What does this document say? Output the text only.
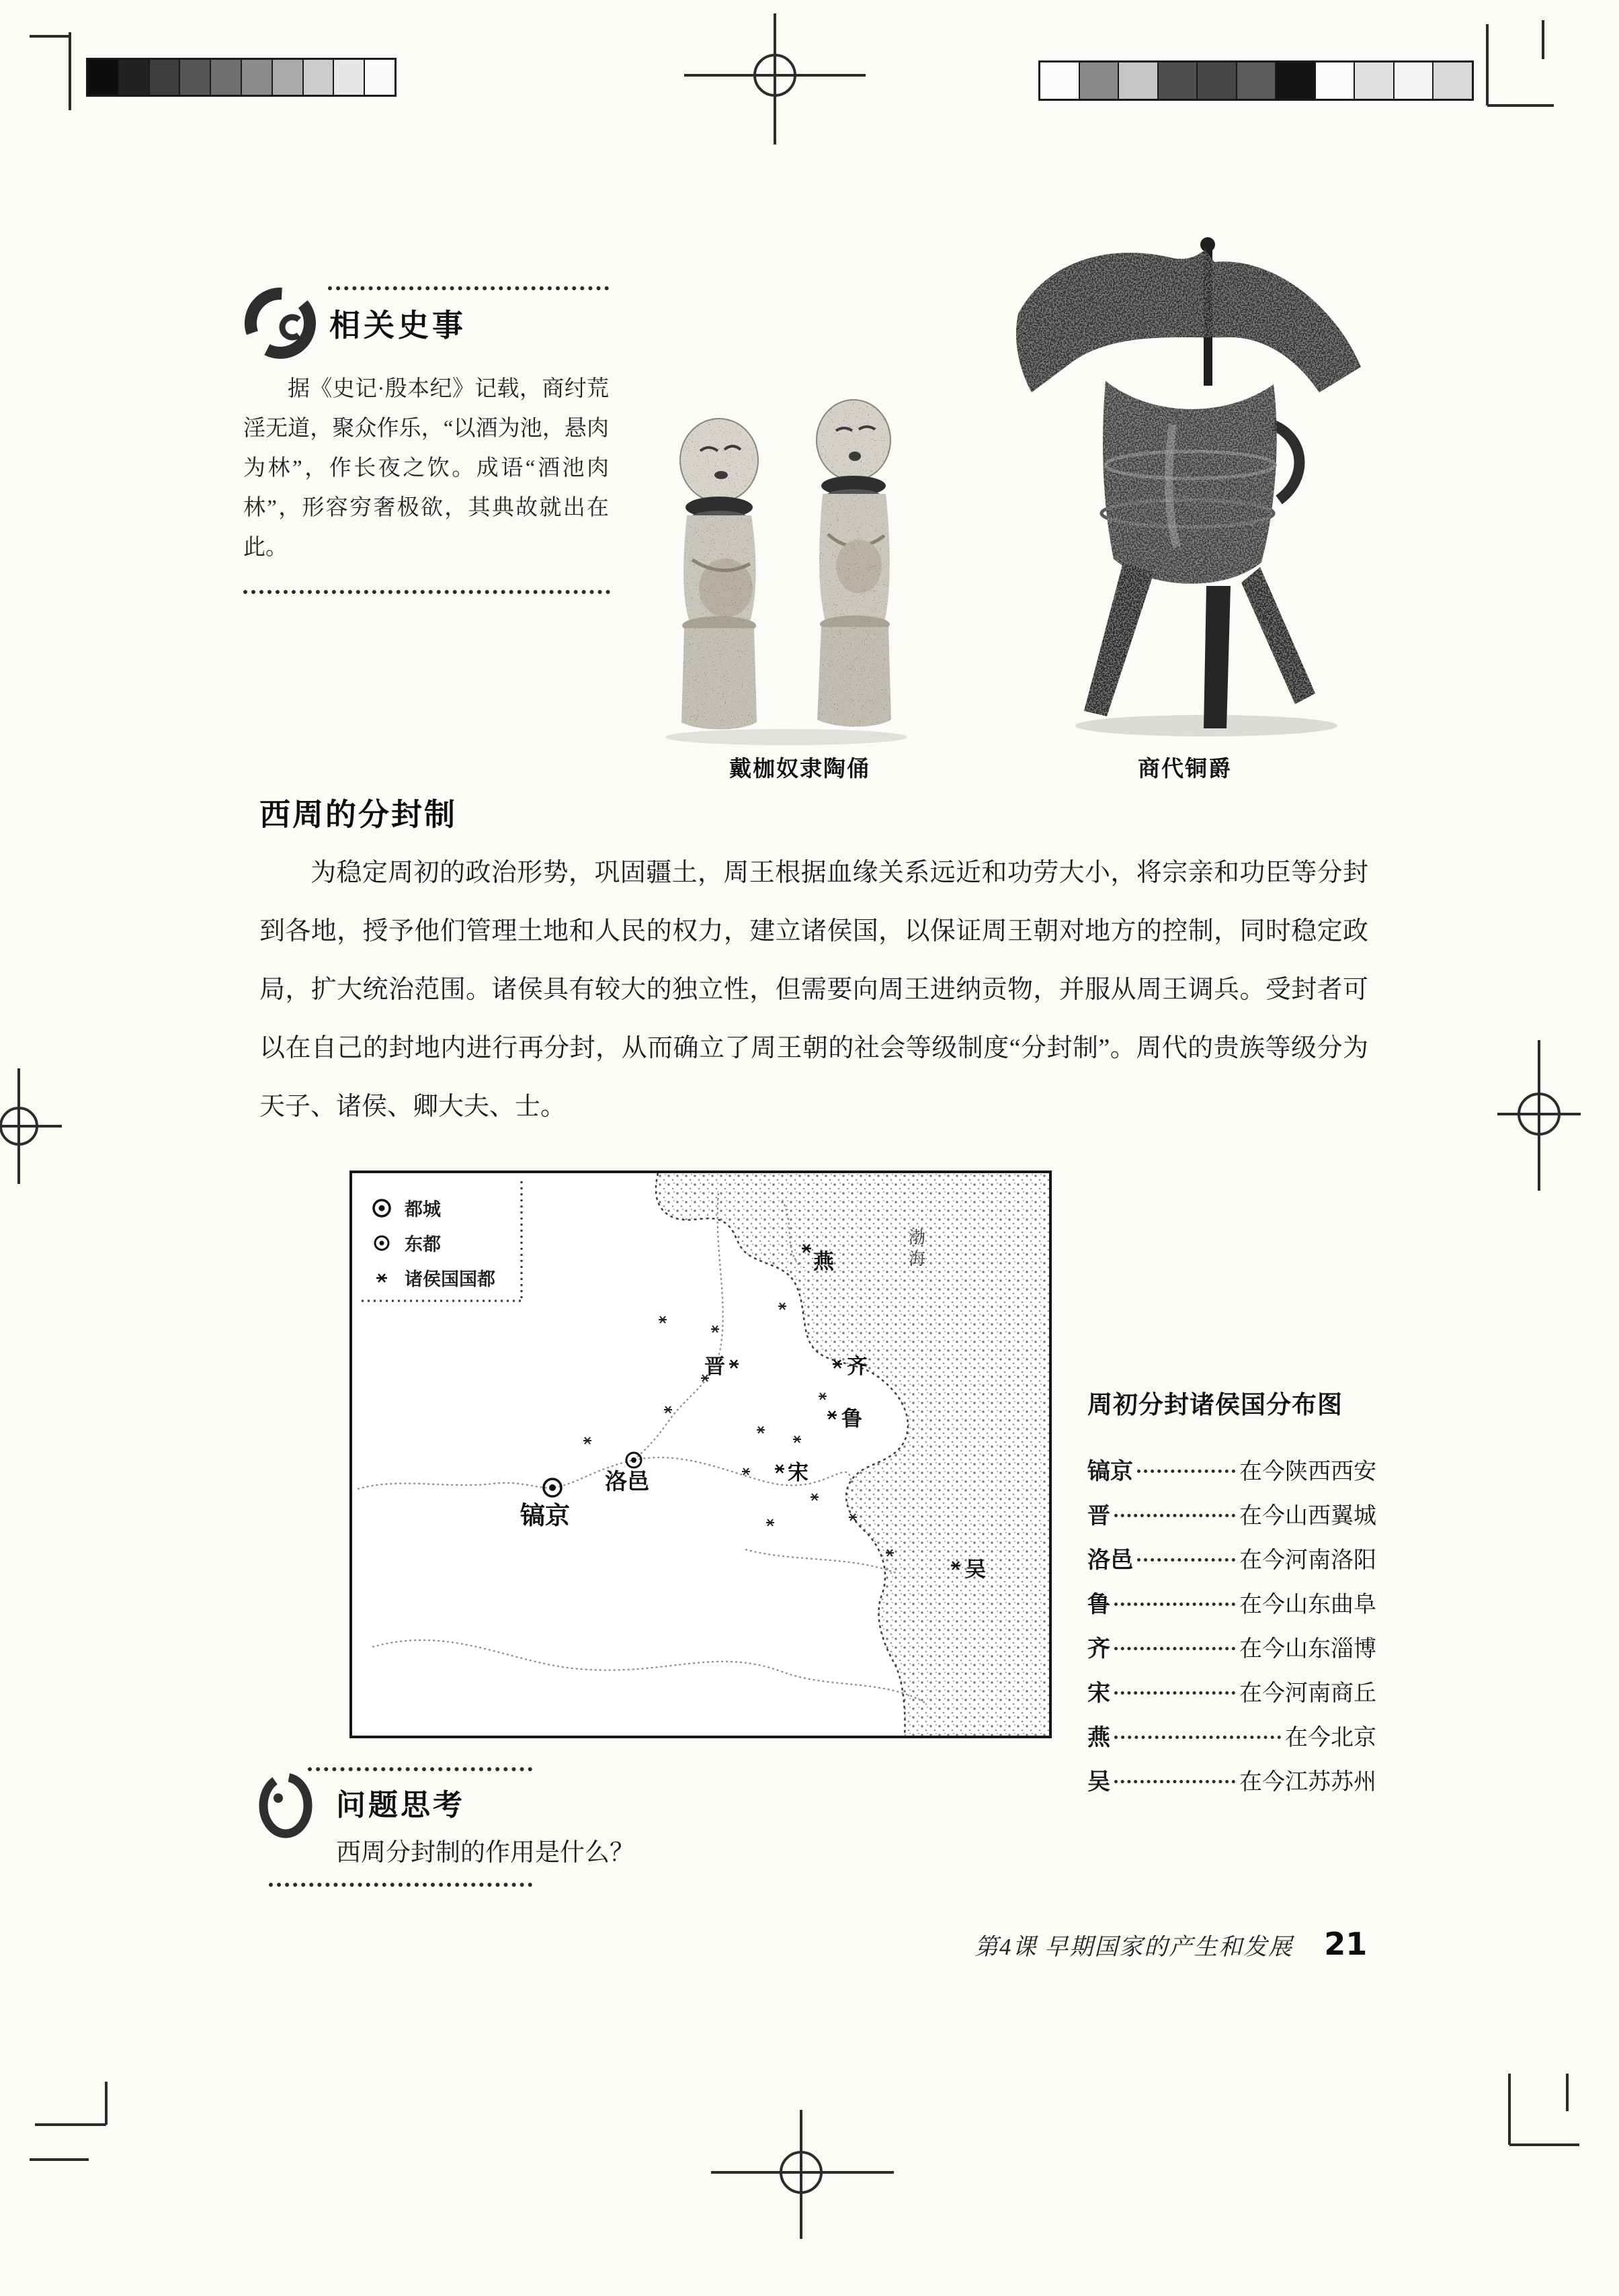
相关史事

据《史记·殷本纪》记载，商纣荒淫无道，聚众作乐，“以酒为池，悬肉为林”，作长夜之饮。成语“酒池肉林”，形容穷奢极欲，其典故就出在此。

戴枷奴隶陶俑	商代铜爵
西周的分封制

为稳定周初的政治形势，巩固疆土，周王根据血缘关系远近和功劳大小，将宗亲和功臣等分封到各地，授予他们管理土地和人民的权力，建立诸侯国，以保证周王朝对地方的控制，同时稳定政局，扩大统治范围。诸侯具有较大的独立性，但需要向周王进纳贡物，并服从周王调兵。受封者可以在自己的封地内进行再分封，从而确立了周王朝的社会等级制度“分封制”。周代的贵族等级分为天子、诸侯、卿大夫、士。

都城
东都
诸侯国国都
镐京
洛邑
燕
晋	齐
鲁
宋
吴
渤
海
周初分封诸侯国分布图
镐京	在今陕西西安
晋	在今山西翼城
洛邑	在今河南洛阳
鲁	在今山东曲阜
齐	在今山东淄博
宋	在今河南商丘
燕	在今北京
吴	在今江苏苏州
问题思考

西周分封制的作用是什么？

第4课 早期国家的产生和发展 21
